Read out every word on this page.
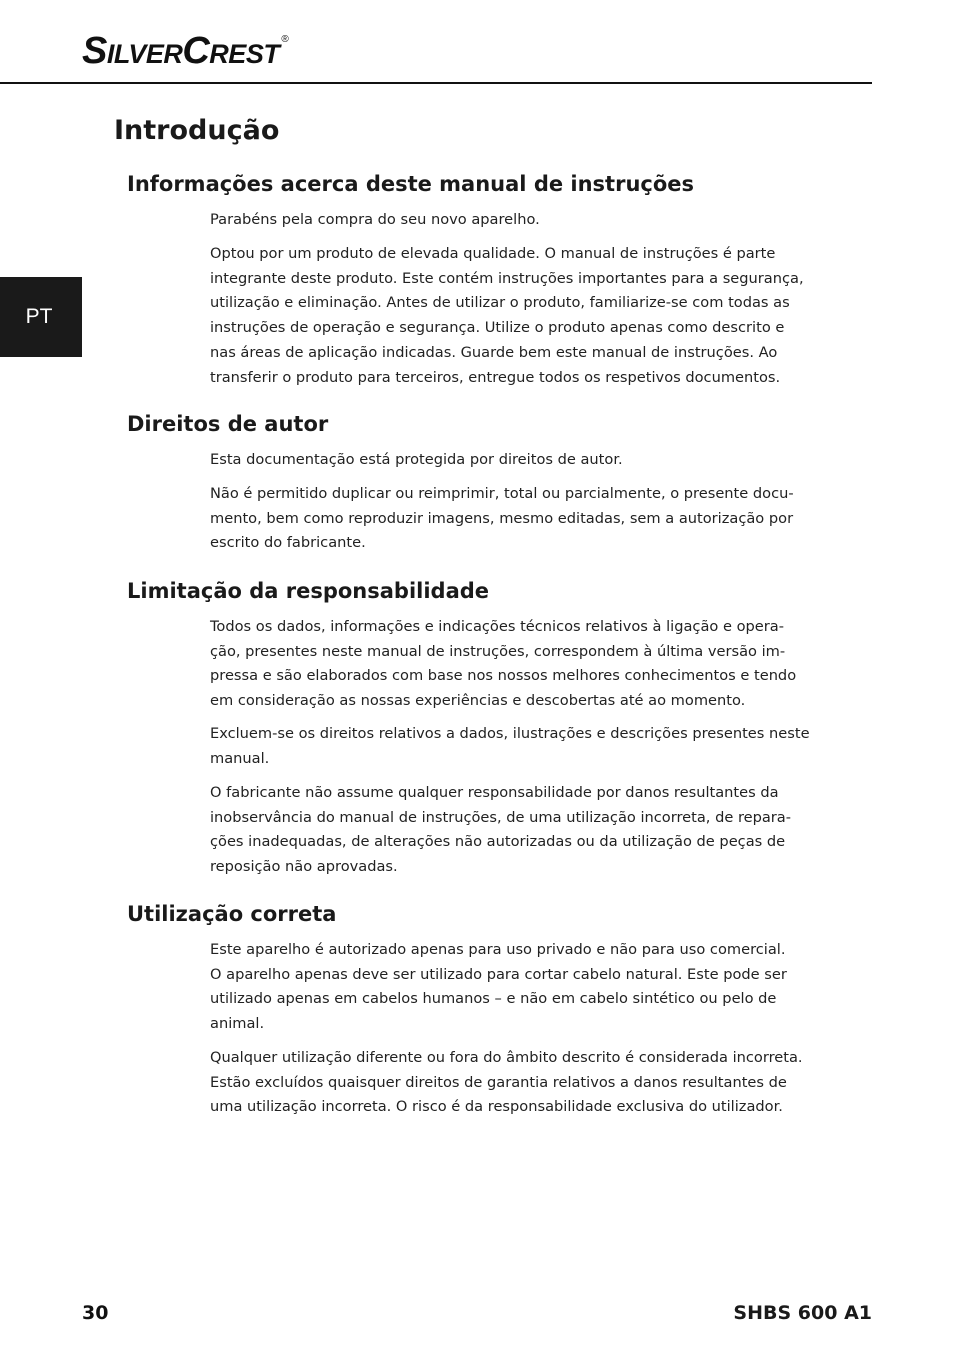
SilverCrest ®
PT
Introdução
Informações acerca deste manual de instruções

Parabéns pela compra do seu novo aparelho.

Optou por um produto de elevada qualidade. O manual de instruções é parte
integrante deste produto. Este contém instruções importantes para a segurança,
utilização e eliminação. Antes de utilizar o produto, familiarize-se com todas as
instruções de operação e segurança. Utilize o produto apenas como descrito e
nas áreas de aplicação indicadas. Guarde bem este manual de instruções. Ao
transferir o produto para terceiros, entregue todos os respetivos documentos.

Direitos de autor

Esta documentação está protegida por direitos de autor.

Não é permitido duplicar ou reimprimir, total ou parcialmente, o presente docu-
mento, bem como reproduzir imagens, mesmo editadas, sem a autorização por
escrito do fabricante.

Limitação da responsabilidade

Todos os dados, informações e indicações técnicos relativos à ligação e opera-
ção, presentes neste manual de instruções, correspondem à última versão im-
pressa e são elaborados com base nos nossos melhores conhecimentos e tendo
em consideração as nossas experiências e descobertas até ao momento.

Excluem-se os direitos relativos a dados, ilustrações e descrições presentes neste
manual.

O fabricante não assume qualquer responsabilidade por danos resultantes da
inobservância do manual de instruções, de uma utilização incorreta, de repara-
ções inadequadas, de alterações não autorizadas ou da utilização de peças de
reposição não aprovadas.

Utilização correta

Este aparelho é autorizado apenas para uso privado e não para uso comercial.
O aparelho apenas deve ser utilizado para cortar cabelo natural. Este pode ser
utilizado apenas em cabelos humanos – e não em cabelo sintético ou pelo de
animal.

Qualquer utilização diferente ou fora do âmbito descrito é considerada incorreta.
Estão excluídos quaisquer direitos de garantia relativos a danos resultantes de
uma utilização incorreta. O risco é da responsabilidade exclusiva do utilizador.

30	SHBS 600 A1
